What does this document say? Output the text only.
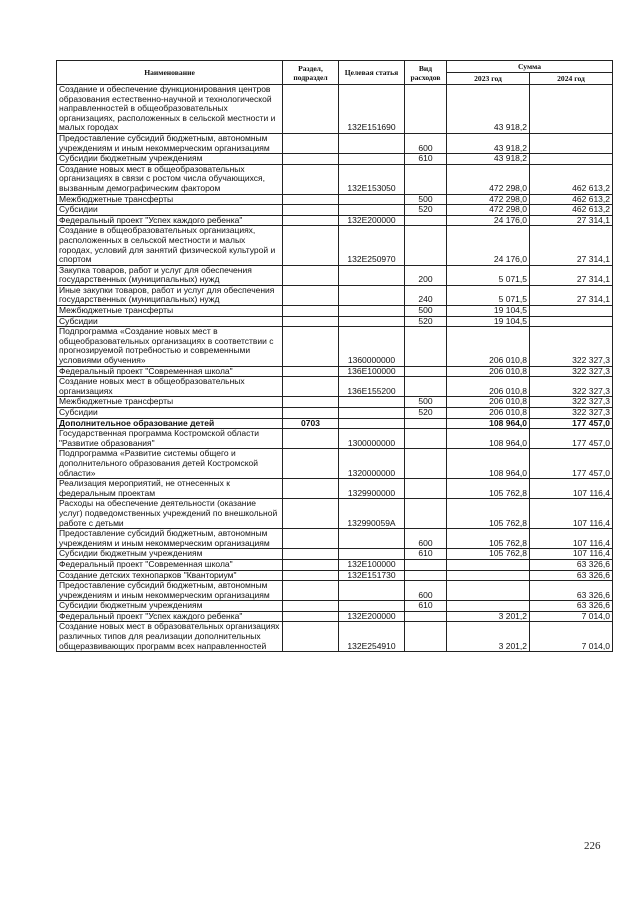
Наименование	Раздел, подраздел	Целевая статья	Вид расходов	Сумма	
				2023 год	2024 год
Создание и обеспечение функционирования центров образования естественно-научной и технологической направленностей в общеобразовательных организациях, расположенных в сельской местности и малых городах		132E151690		43 918,2	
Предоставление субсидий бюджетным, автономным учреждениям и иным некоммерческим организациям			600	43 918,2	
Субсидии бюджетным учреждениям			610	43 918,2	
Создание новых мест в общеобразовательных организациях в связи с ростом числа обучающихся, вызванным демографическим фактором		132E153050		472 298,0	462 613,2
Межбюджетные трансферты			500	472 298,0	462 613,2
Субсидии			520	472 298,0	462 613,2
Федеральный проект "Успех каждого ребенка"		132E200000		24 176,0	27 314,1
Создание в общеобразовательных организациях, расположенных в сельской местности и малых городах, условий для занятий физической культурой и спортом		132E250970		24 176,0	27 314,1
Закупка товаров, работ и услуг для обеспечения государственных (муниципальных) нужд			200	5 071,5	27 314,1
Иные закупки товаров, работ и услуг для обеспечения государственных (муниципальных) нужд			240	5 071,5	27 314,1
Межбюджетные трансферты			500	19 104,5	
Субсидии			520	19 104,5	
Подпрограмма «Создание новых мест в общеобразовательных организациях в соответствии с прогнозируемой потребностью и современными условиями обучения»		1360000000		206 010,8	322 327,3
Федеральный проект "Современная школа"		136E100000		206 010,8	322 327,3
Создание новых мест в общеобразовательных организациях		136E155200		206 010,8	322 327,3
Межбюджетные трансферты			500	206 010,8	322 327,3
Субсидии			520	206 010,8	322 327,3
Дополнительное образование детей	0703			108 964,0	177 457,0
Государственная программа Костромской области "Развитие образования"		1300000000		108 964,0	177 457,0
Подпрограмма «Развитие системы общего и дополнительного образования детей Костромской области»		1320000000		108 964,0	177 457,0
Реализация мероприятий, не отнесенных к федеральным проектам		1329900000		105 762,8	107 116,4
Расходы на обеспечение деятельности (оказание услуг) подведомственных учреждений по внешкольной работе с детьми		132990059А		105 762,8	107 116,4
Предоставление субсидий бюджетным, автономным учреждениям и иным некоммерческим организациям			600	105 762,8	107 116,4
Субсидии бюджетным учреждениям			610	105 762,8	107 116,4
Федеральный проект "Современная школа"		132E100000			63 326,6
Создание детских технопарков "Кванториум"		132E151730			63 326,6
Предоставление субсидий бюджетным, автономным учреждениям и иным некоммерческим организациям			600		63 326,6
Субсидии бюджетным учреждениям			610		63 326,6
Федеральный проект "Успех каждого ребенка"		132E200000		3 201,2	7 014,0
Создание новых мест в образовательных организациях различных типов для реализации дополнительных общеразвивающих программ всех направленностей		132E254910		3 201,2	7 014,0
226
